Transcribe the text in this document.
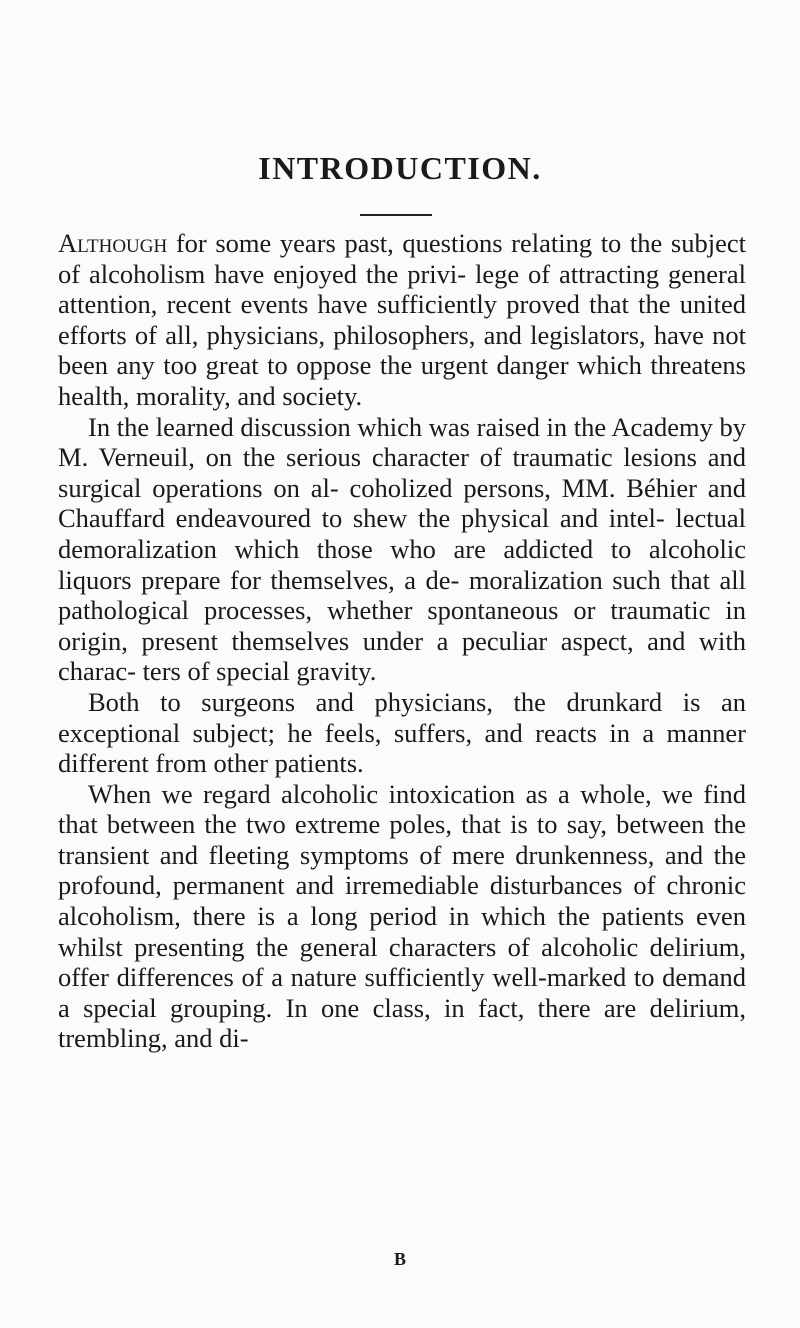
INTRODUCTION.

Although for some years past, questions relating to the subject of alcoholism have enjoyed the privi- lege of attracting general attention, recent events have sufficiently proved that the united efforts of all, physicians, philosophers, and legislators, have not been any too great to oppose the urgent danger which threatens health, morality, and society.

In the learned discussion which was raised in the Academy by M. Verneuil, on the serious character of traumatic lesions and surgical operations on al- coholized persons, MM. Béhier and Chauffard endeavoured to shew the physical and intel- lectual demoralization which those who are addicted to alcoholic liquors prepare for themselves, a de- moralization such that all pathological processes, whether spontaneous or traumatic in origin, present themselves under a peculiar aspect, and with charac- ters of special gravity.

Both to surgeons and physicians, the drunkard is an exceptional subject; he feels, suffers, and reacts in a manner different from other patients.

When we regard alcoholic intoxication as a whole, we find that between the two extreme poles, that is to say, between the transient and fleeting symptoms of mere drunkenness, and the profound, permanent and irremediable disturbances of chronic alcoholism, there is a long period in which the patients even whilst presenting the general characters of alcoholic delirium, offer differences of a nature sufficiently well-marked to demand a special grouping. In one class, in fact, there are delirium, trembling, and di-

B
